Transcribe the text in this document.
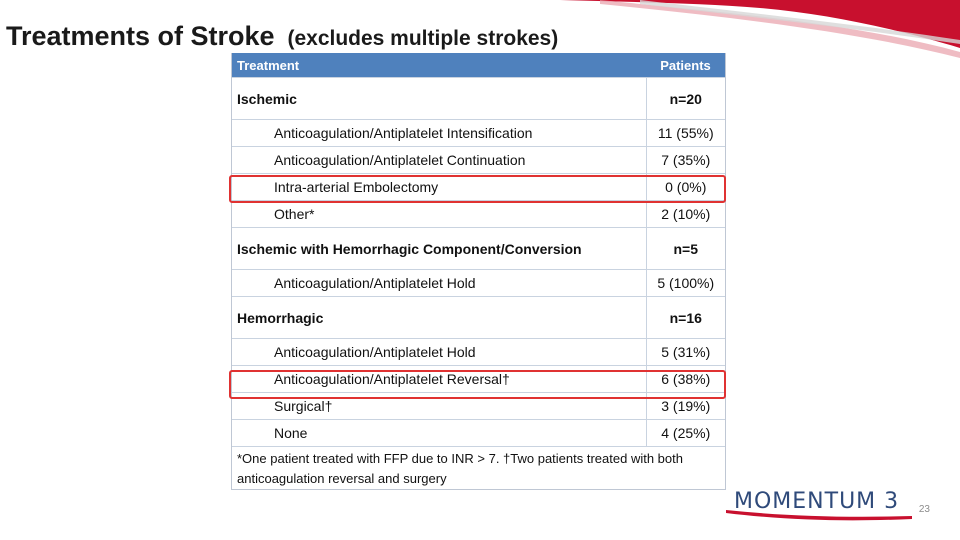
Treatments of Stroke (excludes multiple strokes)
Treatment	Patients
Ischemic	n=20
Anticoagulation/Antiplatelet Intensification	11 (55%)
Anticoagulation/Antiplatelet Continuation	7 (35%)
Intra-arterial Embolectomy	0 (0%)
Other*	2 (10%)
Ischemic with Hemorrhagic Component/Conversion	n=5
Anticoagulation/Antiplatelet Hold	5 (100%)
Hemorrhagic	n=16
Anticoagulation/Antiplatelet Hold	5 (31%)
Anticoagulation/Antiplatelet Reversal†	6 (38%)
Surgical†	3 (19%)
None	4 (25%)
*One patient treated with FFP due to INR > 7. †Two patients treated with both anticoagulation reversal and surgery	
MOMENTUM 3 23
